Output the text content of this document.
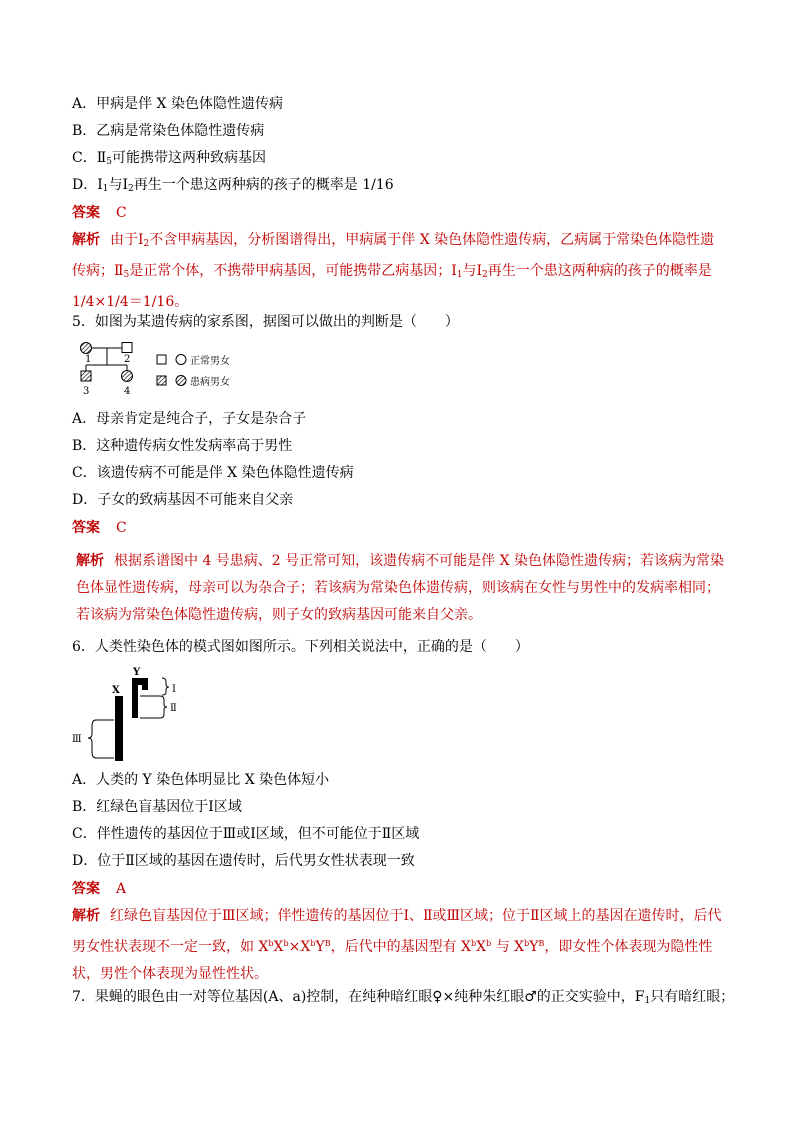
A．甲病是伴 X 染色体隐性遗传病
B．乙病是常染色体隐性遗传病
C．$Ⅱ_5$可能携带这两种致病基因
D．$Ⅰ_1$与$Ⅰ_2$再生一个患这两种病的孩子的概率是 1/16
答案 C
解析 由于$Ⅰ_2$不含甲病基因，分析图谱得出，甲病属于伴 X 染色体隐性遗传病，乙病属于常染色体隐性遗传病；$Ⅱ_5$是正常个体，不携带甲病基因，可能携带乙病基因；$Ⅰ_1$与$Ⅰ_2$再生一个患这两种病的孩子的概率是 1/4×1/4＝1/16。
5．如图为某遗传病的家系图，据图可以做出的判断是（　　）
1	2
3	4
正常男女
患病男女
A．母亲肯定是纯合子，子女是杂合子
B．这种遗传病女性发病率高于男性
C．该遗传病不可能是伴 X 染色体隐性遗传病
D．子女的致病基因不可能来自父亲
答案 C
解析 根据系谱图中 4 号患病、2 号正常可知，该遗传病不可能是伴 X 染色体隐性遗传病；若该病为常染色体显性遗传病，母亲可以为杂合子；若该病为常染色体遗传病，则该病在女性与男性中的发病率相同；若该病为常染色体隐性遗传病，则子女的致病基因可能来自父亲。
6．人类性染色体的模式图如图所示。下列相关说法中，正确的是（　　）
X
Y
Ⅰ
Ⅱ
Ⅲ
A．人类的 Y 染色体明显比 X 染色体短小
B．红绿色盲基因位于Ⅰ区域
C．伴性遗传的基因位于Ⅲ或Ⅰ区域，但不可能位于Ⅱ区域
D．位于Ⅱ区域的基因在遗传时，后代男女性状表现一致
答案 A
解析 红绿色盲基因位于Ⅲ区域；伴性遗传的基因位于Ⅰ、Ⅱ或Ⅲ区域；位于Ⅱ区域上的基因在遗传时，后代男女性状表现不一定一致，如 $X^bX^b\times X^bY^B$，后代中的基因型有 $X^bX^b$ 与 $X^bY^B$，即女性个体表现为隐性性状，男性个体表现为显性性状。
7．果蝇的眼色由一对等位基因(A、a)控制，在纯种暗红眼♀×纯种朱红眼♂的正交实验中，$F_1$只有暗红眼；
